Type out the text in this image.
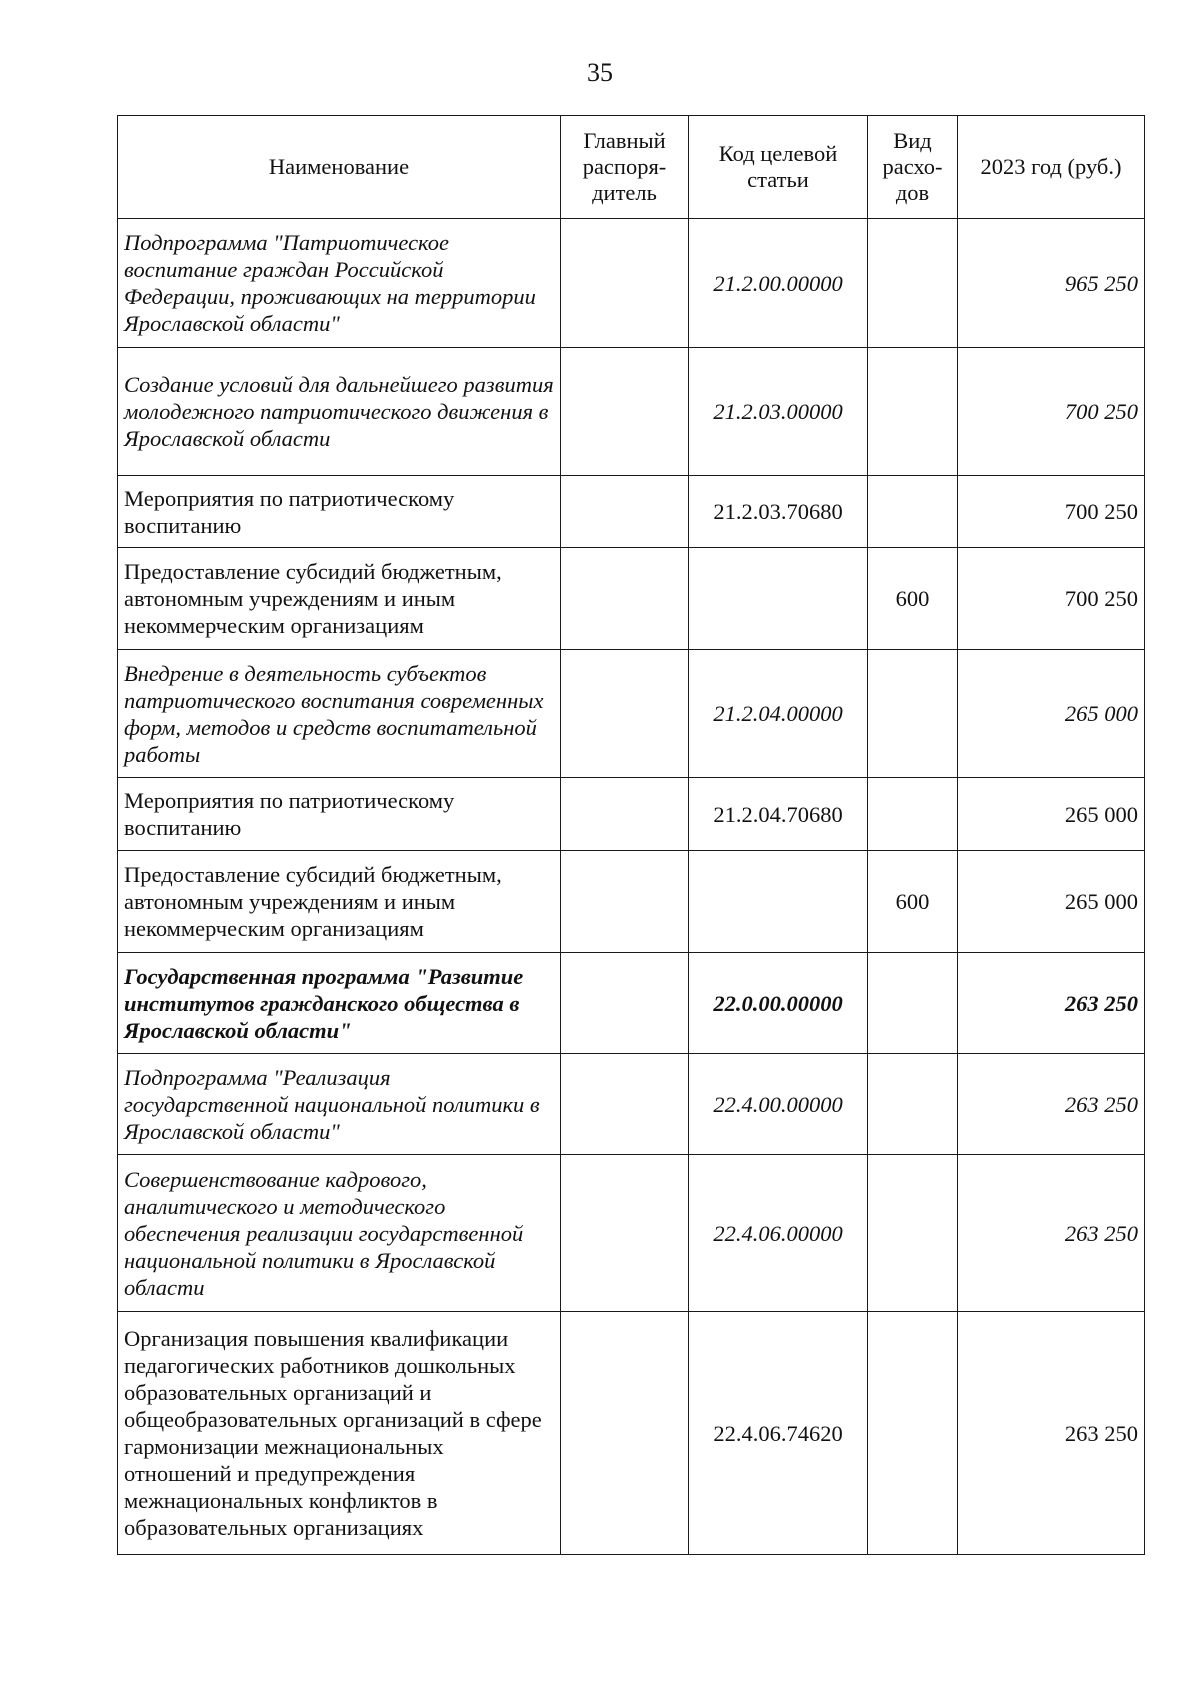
35
Наименование	Главный распоря-дитель	Код целевой статьи	Вид расхо-дов	2023 год (руб.)
Подпрограмма "Патриотическое воспитание граждан Российской Федерации, проживающих на территории Ярославской области"		21.2.00.00000		965 250
Создание условий для дальнейшего развития молодежного патриотического движения в Ярославской области		21.2.03.00000		700 250
Мероприятия по патриотическому воспитанию		21.2.03.70680		700 250
Предоставление субсидий бюджетным, автономным учреждениям и иным некоммерческим организациям			600	700 250
Внедрение в деятельность субъектов патриотического воспитания современных форм, методов и средств воспитательной работы		21.2.04.00000		265 000
Мероприятия по патриотическому воспитанию		21.2.04.70680		265 000
Предоставление субсидий бюджетным, автономным учреждениям и иным некоммерческим организациям			600	265 000
Государственная программа "Развитие институтов гражданского общества в Ярославской области"		22.0.00.00000		263 250
Подпрограмма "Реализация государственной национальной политики в Ярославской области"		22.4.00.00000		263 250
Совершенствование кадрового, аналитического и методического обеспечения реализации государственной национальной политики в Ярославской области		22.4.06.00000		263 250
Организация повышения квалификации педагогических работников дошкольных образовательных организаций и общеобразовательных организаций в сфере гармонизации межнациональных отношений и предупреждения межнациональных конфликтов в образовательных организациях		22.4.06.74620		263 250
